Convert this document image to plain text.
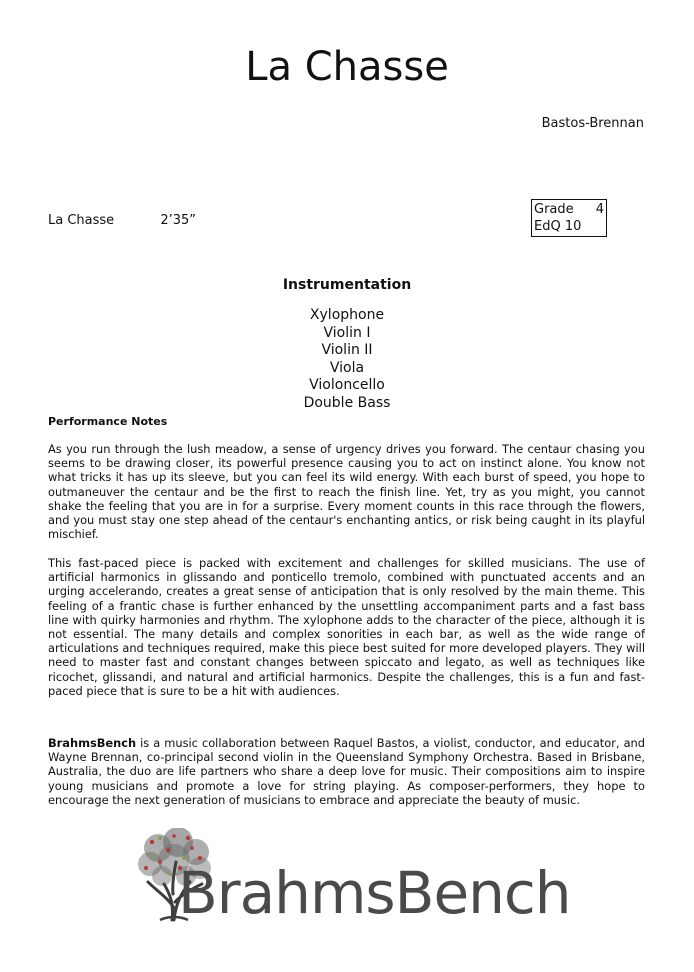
La Chasse
Bastos-Brennan
La Chasse	2’35”
Grade 4
EdQ 10
Instrumentation
Xylophone
Violin I
Violin II
Viola
Violoncello
Double Bass
Performance Notes

As you run through the lush meadow, a sense of urgency drives you forward. The centaur chasing you seems to be drawing closer, its powerful presence causing you to act on instinct alone. You know not what tricks it has up its sleeve, but you can feel its wild energy. With each burst of speed, you hope to outmaneuver the centaur and be the first to reach the finish line. Yet, try as you might, you cannot shake the feeling that you are in for a surprise. Every moment counts in this race through the flowers, and you must stay one step ahead of the centaur's enchanting antics, or risk being caught in its playful mischief.

This fast-paced piece is packed with excitement and challenges for skilled musicians. The use of artificial harmonics in glissando and ponticello tremolo, combined with punctuated accents and an urging accelerando, creates a great sense of anticipation that is only resolved by the main theme. This feeling of a frantic chase is further enhanced by the unsettling accompaniment parts and a fast bass line with quirky harmonies and rhythm. The xylophone adds to the character of the piece, although it is not essential. The many details and complex sonorities in each bar, as well as the wide range of articulations and techniques required, make this piece best suited for more developed players. They will need to master fast and constant changes between spiccato and legato, as well as techniques like ricochet, glissandi, and natural and artificial harmonics. Despite the challenges, this is a fun and fast-paced piece that is sure to be a hit with audiences.

BrahmsBench is a music collaboration between Raquel Bastos, a violist, conductor, and educator, and Wayne Brennan, co-principal second violin in the Queensland Symphony Orchestra. Based in Brisbane, Australia, the duo are life partners who share a deep love for music. Their compositions aim to inspire young musicians and promote a love for string playing. As composer-performers, they hope to encourage the next generation of musicians to embrace and appreciate the beauty of music.

BrahmsBench
